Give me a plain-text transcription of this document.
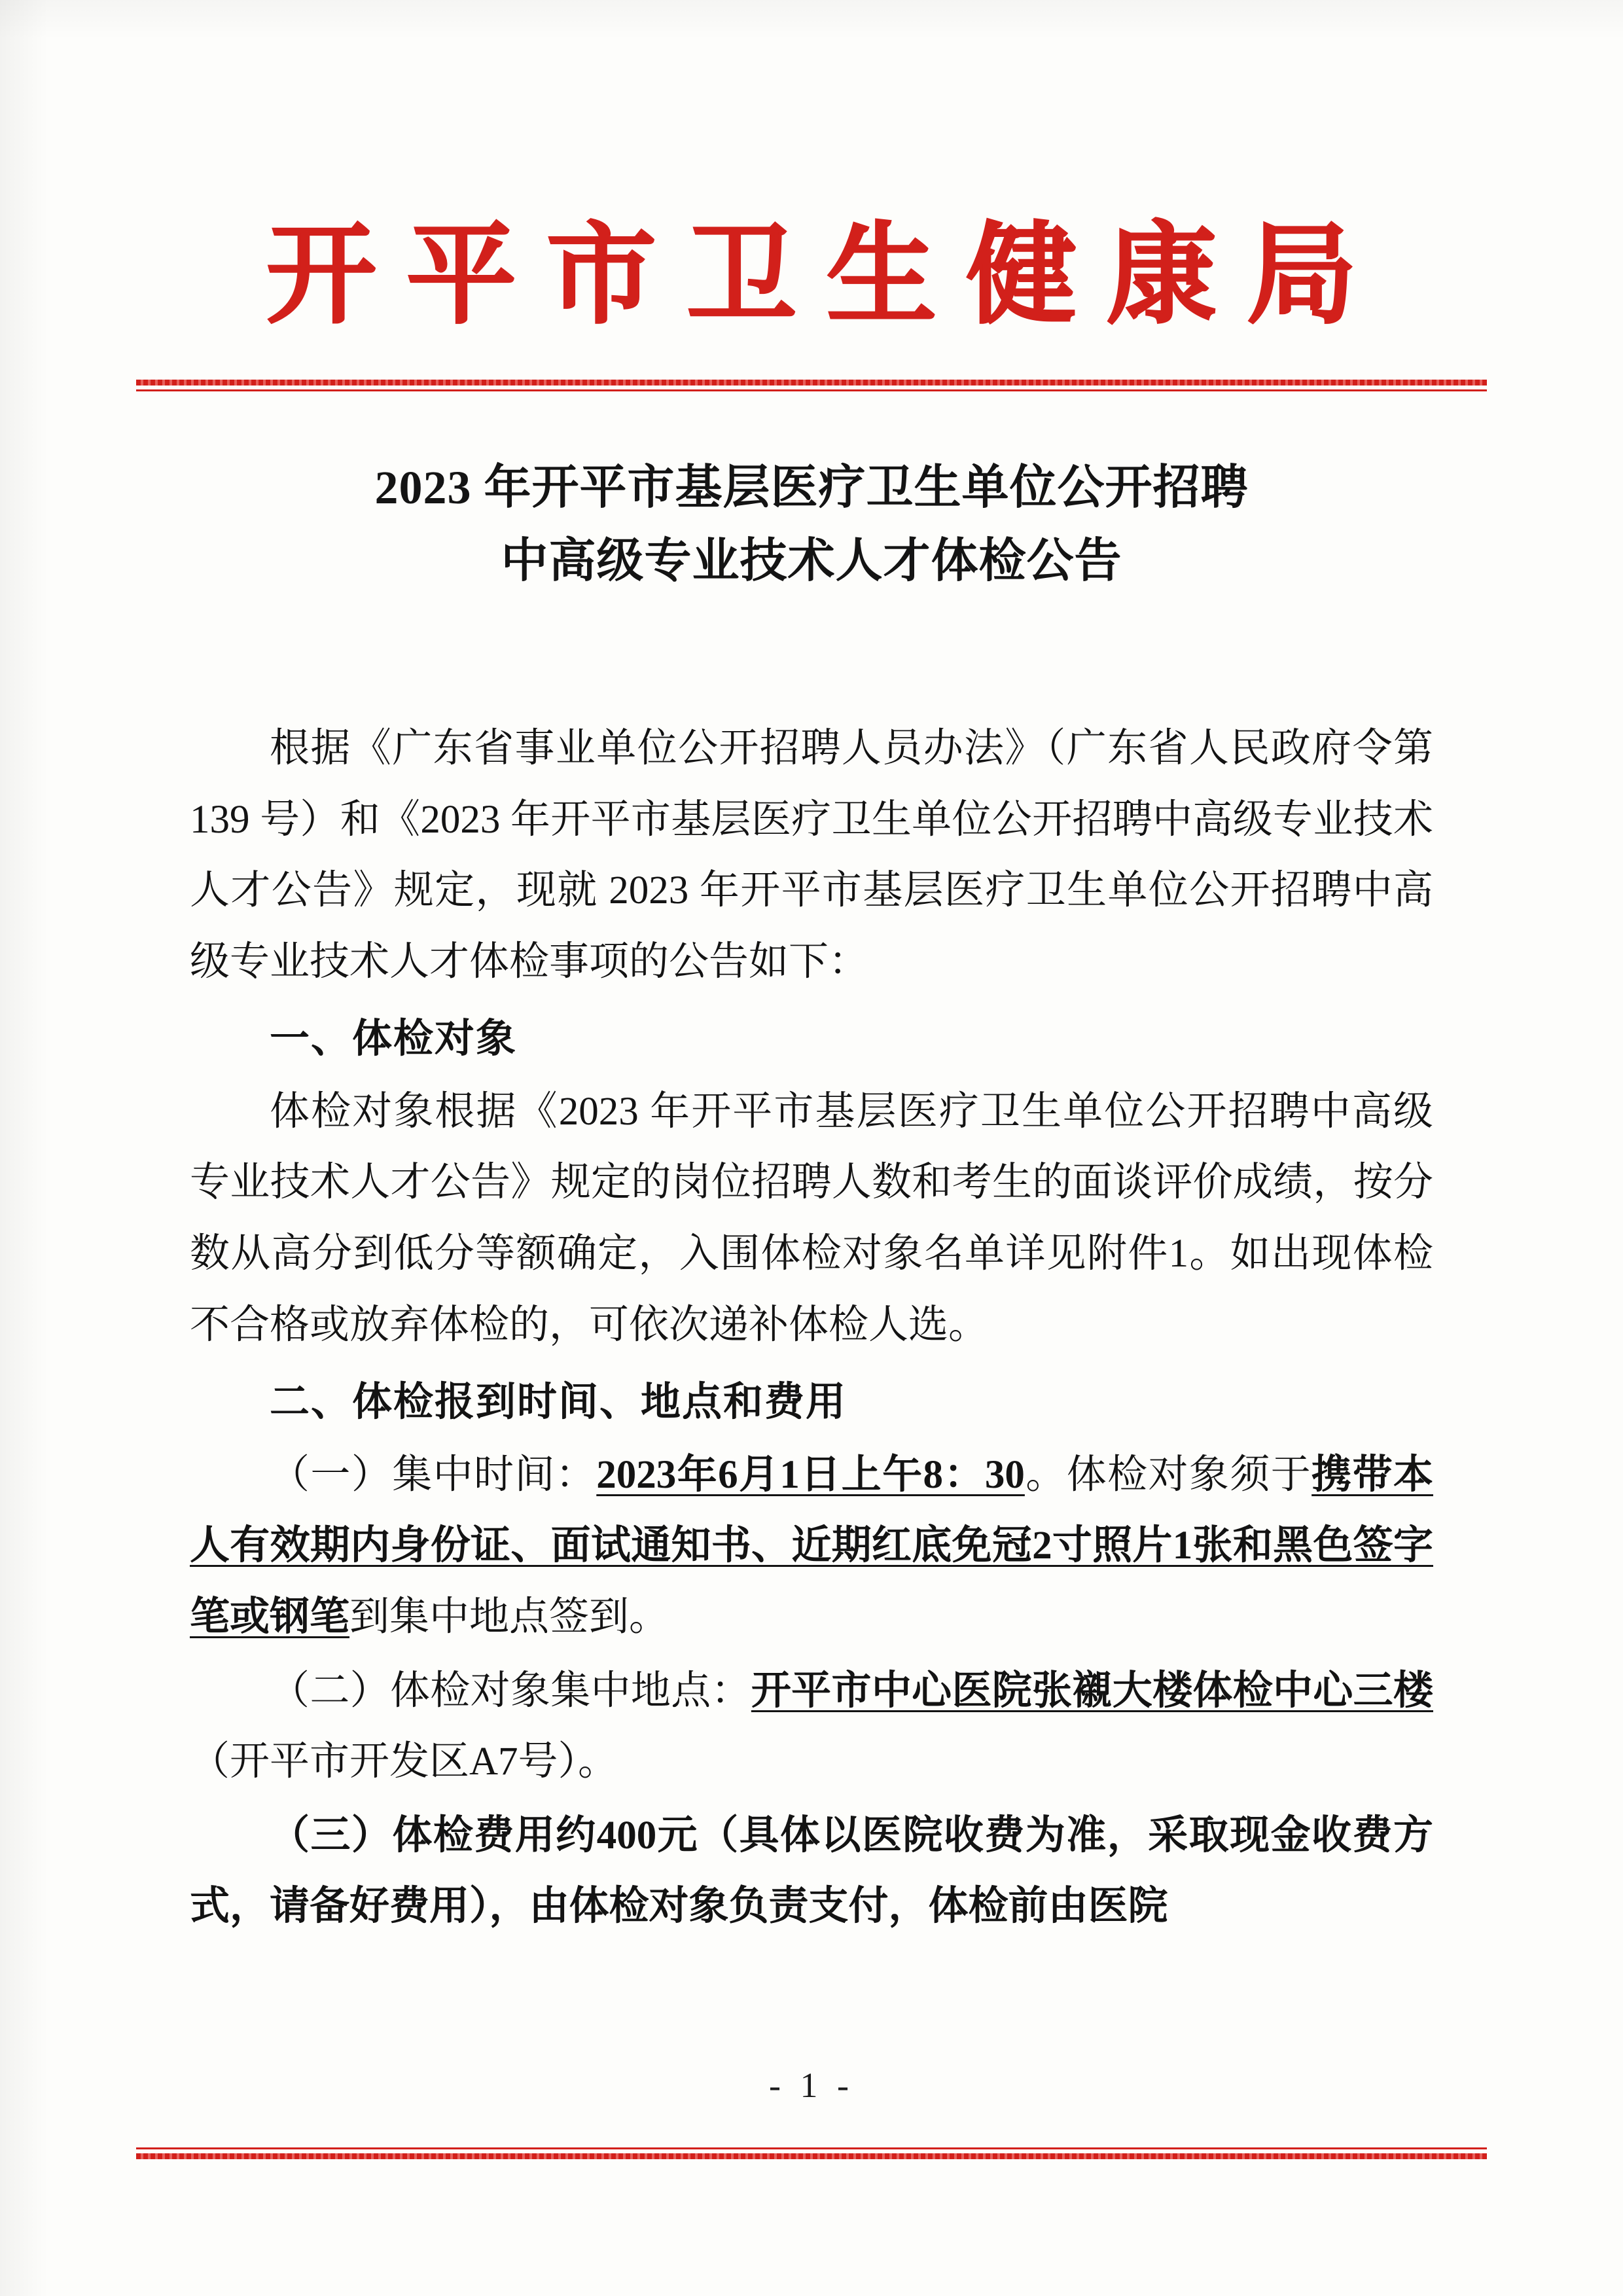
开平市卫生健康局
2023 年开平市基层医疗卫生单位公开招聘
中高级专业技术人才体检公告

根据《广东省事业单位公开招聘人员办法》（广东省人民政府令第 139 号）和《2023 年开平市基层医疗卫生单位公开招聘中高级专业技术人才公告》规定，现就 2023 年开平市基层医疗卫生单位公开招聘中高级专业技术人才体检事项的公告如下：

一、体检对象

体检对象根据《2023 年开平市基层医疗卫生单位公开招聘中高级专业技术人才公告》规定的岗位招聘人数和考生的面谈评价成绩，按分数从高分到低分等额确定，入围体检对象名单详见附件1。如出现体检不合格或放弃体检的，可依次递补体检人选。

二、体检报到时间、地点和费用

（一）集中时间：2023年6月1日上午8：30。体检对象须于携带本人有效期内身份证、面试通知书、近期红底免冠2寸照片1张和黑色签字笔或钢笔到集中地点签到。

（二）体检对象集中地点：开平市中心医院张襯大楼体检中心三楼（开平市开发区A7号）。

（三）体检费用约400元（具体以医院收费为准，采取现金收费方式，请备好费用），由体检对象负责支付，体检前由医院

- 1 -
